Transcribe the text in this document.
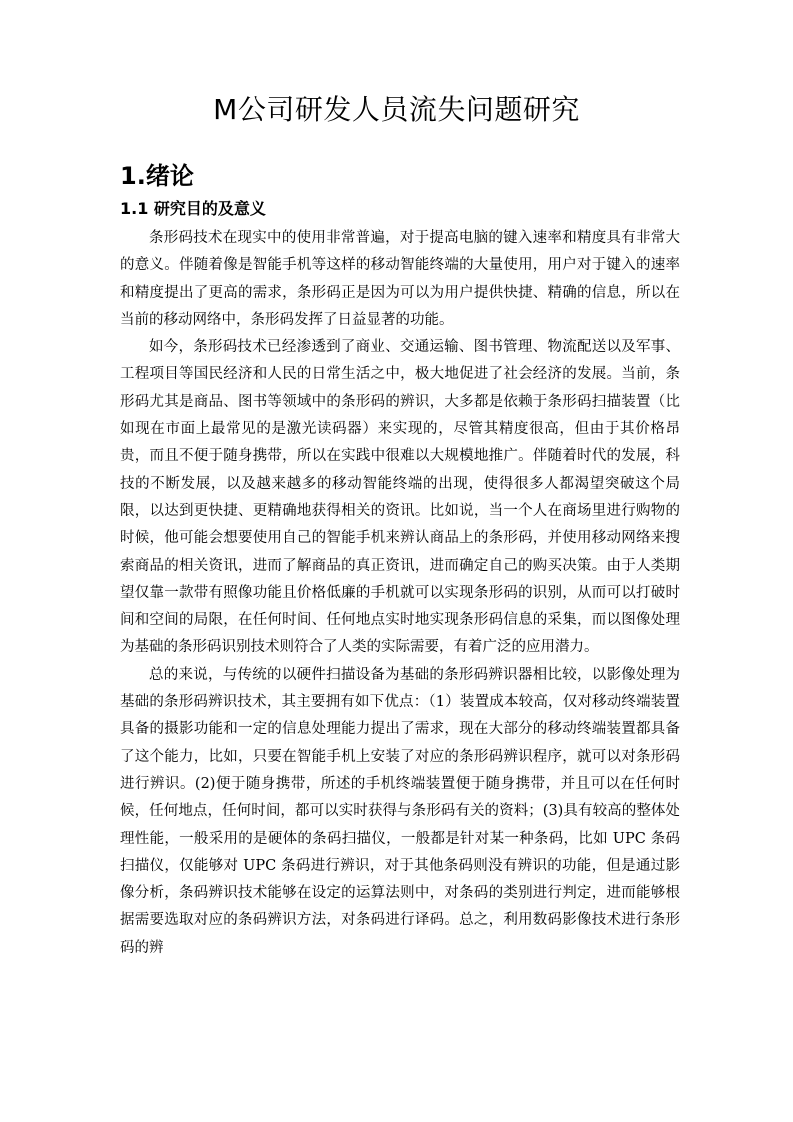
M公司研发人员流失问题研究
1.绪论
1.1 研究目的及意义

条形码技术在现实中的使用非常普遍，对于提高电脑的键入速率和精度具有非常大的意义。伴随着像是智能手机等这样的移动智能终端的大量使用，用户对于键入的速率和精度提出了更高的需求，条形码正是因为可以为用户提供快捷、精确的信息，所以在当前的移动网络中，条形码发挥了日益显著的功能。

如今，条形码技术已经渗透到了商业、交通运输、图书管理、物流配送以及军事、工程项目等国民经济和人民的日常生活之中，极大地促进了社会经济的发展。当前，条形码尤其是商品、图书等领域中的条形码的辨识，大多都是依赖于条形码扫描装置（比如现在市面上最常见的是激光读码器）来实现的，尽管其精度很高，但由于其价格昂贵，而且不便于随身携带，所以在实践中很难以大规模地推广。伴随着时代的发展，科技的不断发展，以及越来越多的移动智能终端的出现，使得很多人都渴望突破这个局限，以达到更快捷、更精确地获得相关的资讯。比如说，当一个人在商场里进行购物的时候，他可能会想要使用自己的智能手机来辨认商品上的条形码，并使用移动网络来搜索商品的相关资讯，进而了解商品的真正资讯，进而确定自己的购买决策。由于人类期望仅靠一款带有照像功能且价格低廉的手机就可以实现条形码的识别，从而可以打破时间和空间的局限，在任何时间、任何地点实时地实现条形码信息的采集，而以图像处理为基础的条形码识别技术则符合了人类的实际需要，有着广泛的应用潜力。

总的来说，与传统的以硬件扫描设备为基础的条形码辨识器相比较，以影像处理为基础的条形码辨识技术，其主要拥有如下优点：（1）装置成本较高，仅对移动终端装置具备的摄影功能和一定的信息处理能力提出了需求，现在大部分的移动终端装置都具备了这个能力，比如，只要在智能手机上安装了对应的条形码辨识程序，就可以对条形码进行辨识。(2)便于随身携带，所述的手机终端装置便于随身携带，并且可以在任何时候，任何地点，任何时间，都可以实时获得与条形码有关的资料；(3)具有较高的整体处理性能，一般采用的是硬体的条码扫描仪，一般都是针对某一种条码，比如 UPC 条码扫描仪，仅能够对 UPC 条码进行辨识，对于其他条码则没有辨识的功能，但是通过影像分析，条码辨识技术能够在设定的运算法则中，对条码的类别进行判定，进而能够根据需要选取对应的条码辨识方法，对条码进行译码。总之，利用数码影像技术进行条形码的辨
